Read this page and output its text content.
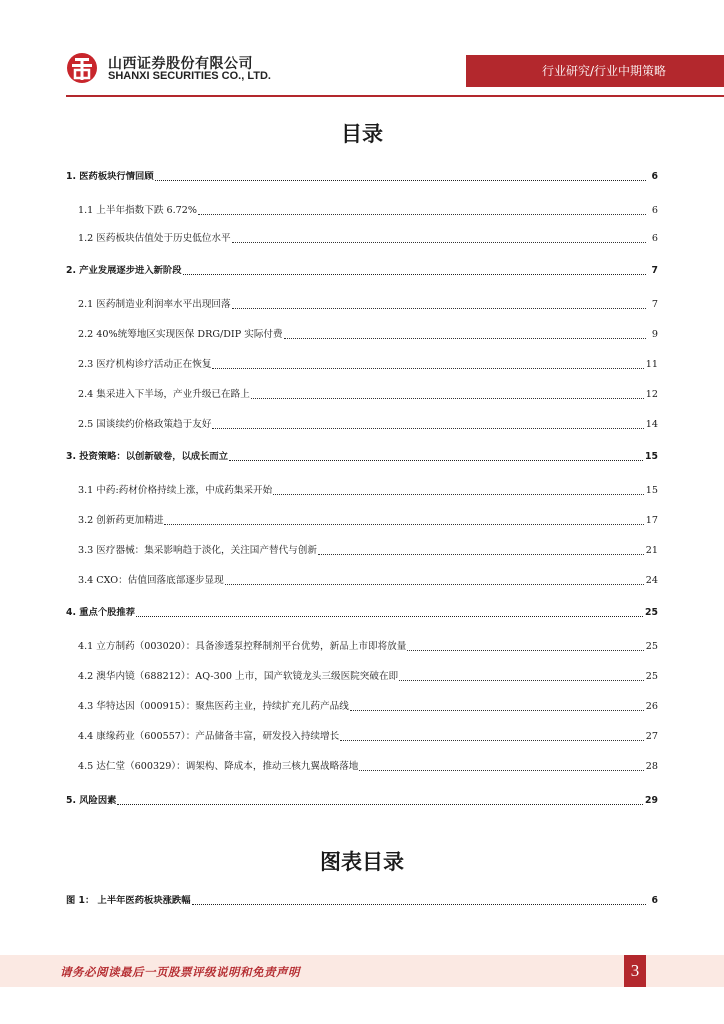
山西证券股份有限公司
SHANXI SECURITIES CO., LTD.	行业研究/行业中期策略
目录
1. 医药板块行情回顾	6
1.1 上半年指数下跌 6.72%	6
1.2 医药板块估值处于历史低位水平	6
2. 产业发展逐步进入新阶段	7
2.1 医药制造业利润率水平出现回落	7
2.2 40%统筹地区实现医保 DRG/DIP 实际付费	9
2.3 医疗机构诊疗活动正在恢复	11
2.4 集采进入下半场，产业升级已在路上	12
2.5 国谈续约价格政策趋于友好	14
3. 投资策略：以创新破卷，以成长而立	15
3.1 中药:药材价格持续上涨，中成药集采开始	15
3.2 创新药更加精进	17
3.3 医疗器械：集采影响趋于淡化，关注国产替代与创新	21
3.4 CXO：估值回落底部逐步显现	24
4. 重点个股推荐	25
4.1 立方制药（003020）：具备渗透泵控释制剂平台优势，新品上市即将放量	25
4.2 澳华内镜（688212）：AQ-300 上市，国产软镜龙头三级医院突破在即	25
4.3 华特达因（000915）：聚焦医药主业，持续扩充儿药产品线	26
4.4 康缘药业（600557）：产品储备丰富，研发投入持续增长	27
4.5 达仁堂（600329）：调架构、降成本，推动三核九翼战略落地	28
5. 风险因素	29
图表目录
图 1： 上半年医药板块涨跌幅	6
请务必阅读最后一页股票评级说明和免责声明	3
